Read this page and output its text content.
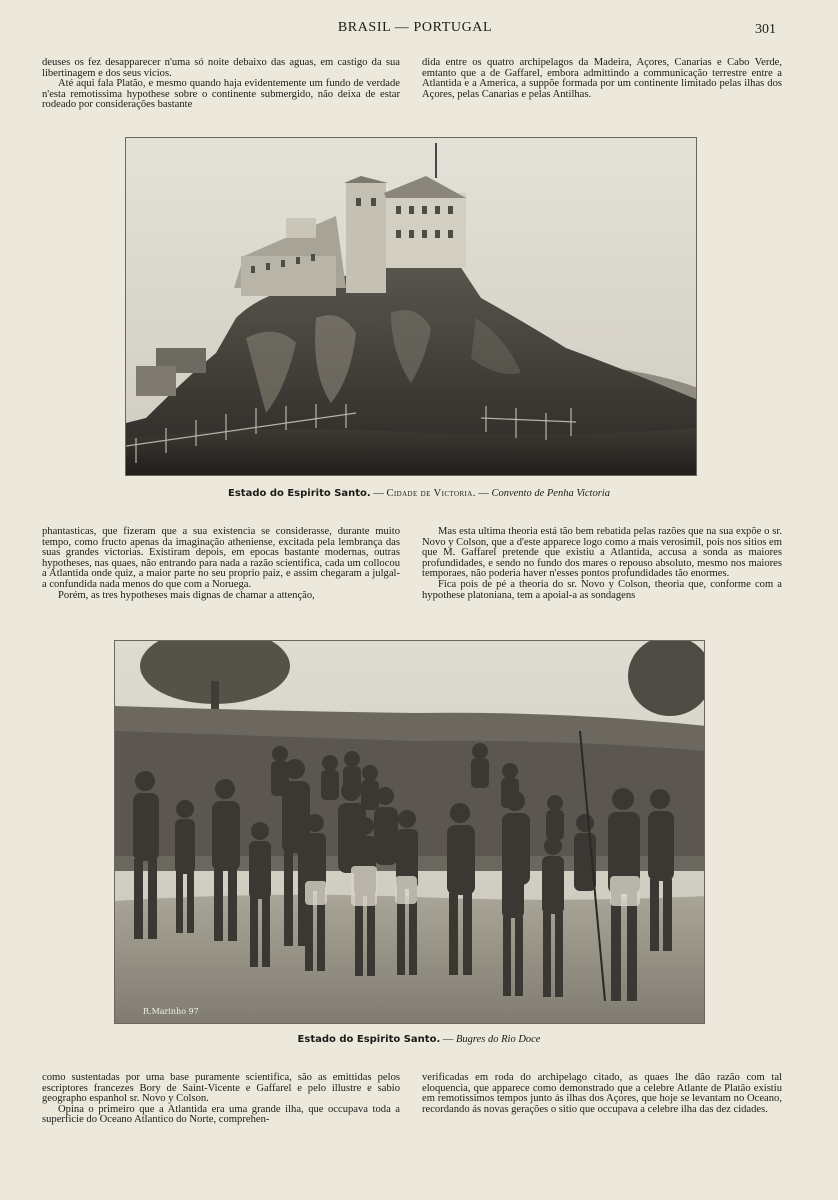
BRASIL — PORTUGAL	301

deuses os fez desapparecer n'uma só noite debaixo das aguas, em castigo da sua libertinagem e dos seus vicios.

Até aqui fala Platão, e mesmo quando haja evidentemente um fundo de verdade n'esta remotissima hypothese sobre o continente submergido, não deixa de estar rodeado por considerações bastante

dida entre os quatro archipelagos da Madeira, Açores, Canarias e Cabo Verde, emtanto que a de Gaffarel, embora admittindo a communicação terrestre entre a Atlantida e a America, a suppõe formada por um continente limitado pelas ilhas dos Açores, pelas Canarias e pelas Antilhas.

Estado do Espirito Santo. — Cidade de Victoria. — Convento de Penha Victoria

phantasticas, que fizeram que a sua existencia se considerasse, durante muito tempo, como fructo apenas da imaginação atheniense, excitada pela lembrança das suas grandes victorias. Existiram depois, em epocas bastante modernas, outras hypotheses, nas quaes, não entrando para nada a razão scientifica, cada um collocou a Atlantida onde quiz, a maior parte no seu proprio paiz, e assim chegaram a julgal-a confundida nada menos do que com a Noruega.

Porém, as tres hypotheses mais dignas de chamar a attenção,

Mas esta ultima theoria está tão bem rebatida pelas razões que na sua expõe o sr. Novo y Colson, que a d'este apparece logo como a mais verosimil, pois nos sitios em que M. Gaffarel pretende que existiu a Atlantida, accusa a sonda as maiores profundidades, e sendo no fundo dos mares o repouso absoluto, mesmo nos maiores temporaes, não poderia haver n'esses pontos profundidades tão enormes.

Fica pois de pé a theoria do sr. Novo y Colson, theoria que, conforme com a hypothese platoniana, tem a apoial-a as sondagens

R.Marinho 97
Estado do Espirito Santo. — Bugres do Rio Doce

como sustentadas por uma base puramente scientifica, são as emittidas pelos escriptores francezes Bory de Saint-Vicente e Gaffarel e pelo illustre e sabio geographo espanhol sr. Novo y Colson.

Opina o primeiro que a Atlantida era uma grande ilha, que occupava toda a superficie do Oceano Atlantico do Norte, comprehen-

verificadas em roda do archipelago citado, as quaes lhe dão razão com tal eloquencia, que apparece como demonstrado que a celebre Atlante de Platão existiu em remotissimos tempos junto ás ilhas dos Açores, que hoje se levantam no Oceano, recordando ás novas gerações o sitio que occupava a celebre ilha das dez cidades.
